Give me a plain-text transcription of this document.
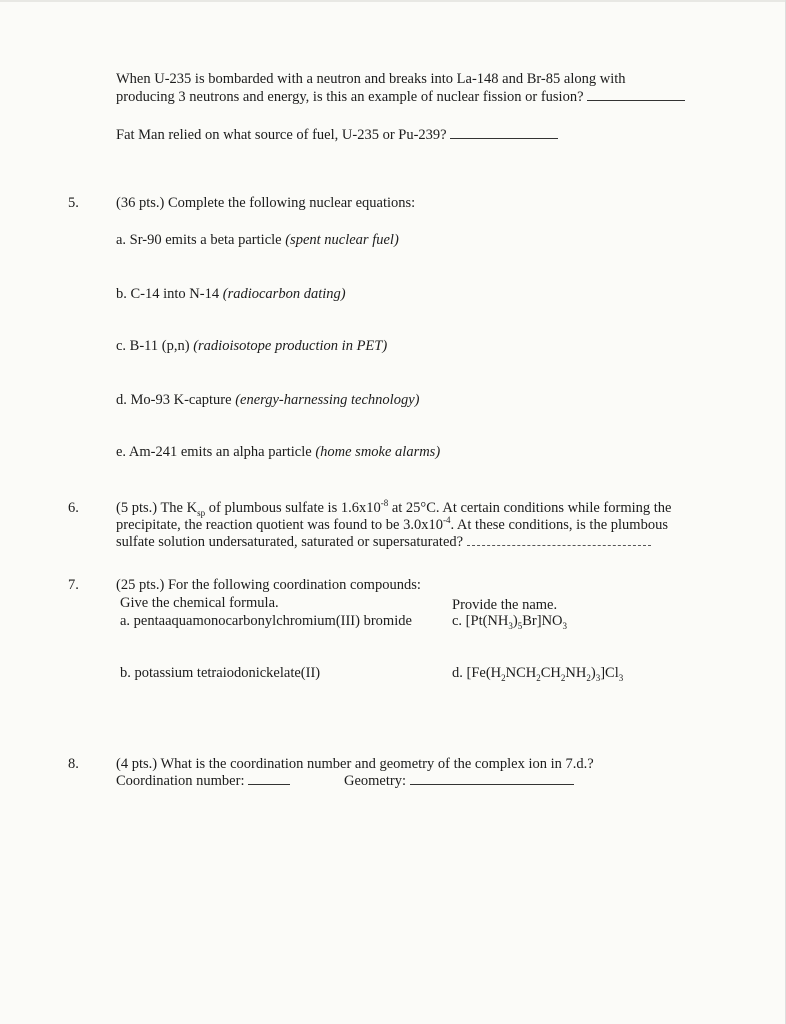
When U-235 is bombarded with a neutron and breaks into La-148 and Br-85 along with
producing 3 neutrons and energy, is this an example of nuclear fission or fusion?
Fat Man relied on what source of fuel, U-235 or Pu-239?
5.	(36 pts.) Complete the following nuclear equations:
a. Sr-90 emits a beta particle (spent nuclear fuel)
b. C-14 into N-14 (radiocarbon dating)
c. B-11 (p,n) (radioisotope production in PET)
d. Mo-93 K-capture (energy-harnessing technology)
e. Am-241 emits an alpha particle (home smoke alarms)
6.	(5 pts.) The $K_{sp}$ of plumbous sulfate is $1.6x10^{-8}$ at 25°C. At certain conditions while forming the
precipitate, the reaction quotient was found to be $3.0x10^{-4}$. At these conditions, is the plumbous
sulfate solution undersaturated, saturated or supersaturated?
7.	(25 pts.) For the following coordination compounds:
Give the chemical formula.	Provide the name.
a. pentaaquamonocarbonylchromium(III) bromide	c. $[Pt(NH_3)_5Br]NO_3$
b. potassium tetraiodonickelate(II)	d. $[Fe(H_2NCH_2CH_2NH_2)_3]Cl_3$
8.	(4 pts.) What is the coordination number and geometry of the complex ion in 7.d.?
Coordination number:	Geometry:
